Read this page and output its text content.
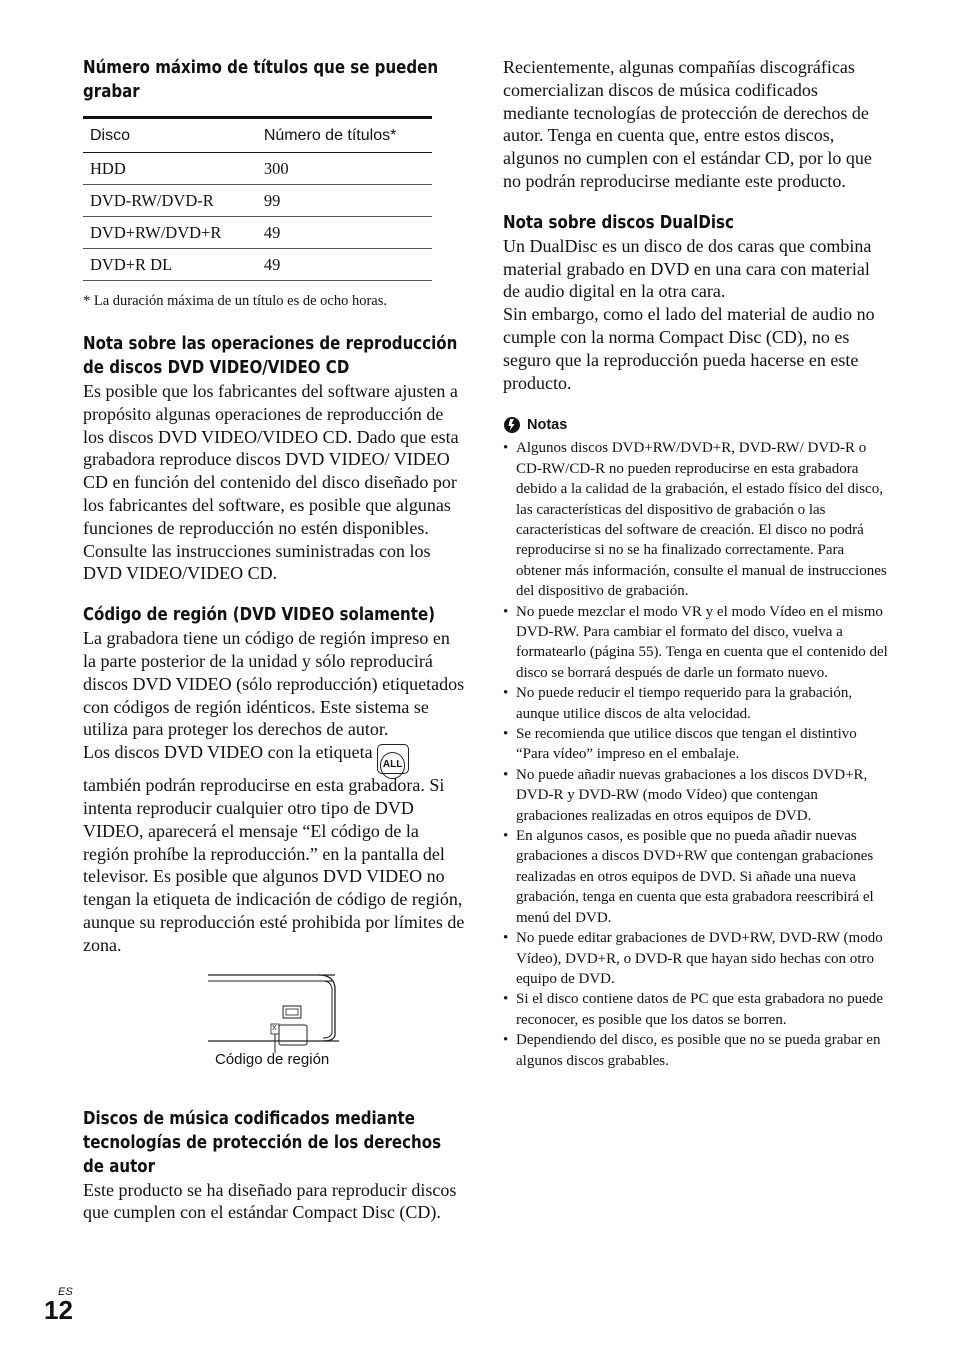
Número máximo de títulos que se pueden grabar
Disco	Número de títulos*
HDD	300
DVD-RW/DVD-R	99
DVD+RW/DVD+R	49
DVD+R DL	49
* La duración máxima de un título es de ocho horas.
Nota sobre las operaciones de reproducción de discos DVD VIDEO/VIDEO CD

Es posible que los fabricantes del software ajusten a propósito algunas operaciones de reproducción de los discos DVD VIDEO/VIDEO CD. Dado que esta grabadora reproduce discos DVD VIDEO/ VIDEO CD en función del contenido del disco diseñado por los fabricantes del software, es posible que algunas funciones de reproducción no estén disponibles. Consulte las instrucciones suministradas con los DVD VIDEO/VIDEO CD.

Código de región (DVD VIDEO solamente)

La grabadora tiene un código de región impreso en la parte posterior de la unidad y sólo reproducirá discos DVD VIDEO (sólo reproducción) etiquetados con códigos de región idénticos. Este sistema se utiliza para proteger los derechos de autor.

Los discos DVD VIDEO con la etiquetaALL también podrán reproducirse en esta grabadora. Si intenta reproducir cualquier otro tipo de DVD VIDEO, aparecerá el mensaje “El código de la región prohíbe la reproducción.” en la pantalla del televisor. Es posible que algunos DVD VIDEO no tengan la etiqueta de indicación de código de región, aunque su reproducción esté prohibida por límites de zona.

X
Código de región
Discos de música codificados mediante tecnologías de protección de los derechos de autor

Este producto se ha diseñado para reproducir discos que cumplen con el estándar Compact Disc (CD).

Recientemente, algunas compañías discográficas comercializan discos de música codificados mediante tecnologías de protección de derechos de autor. Tenga en cuenta que, entre estos discos, algunos no cumplen con el estándar CD, por lo que no podrán reproducirse mediante este producto.

Nota sobre discos DualDisc

Un DualDisc es un disco de dos caras que combina material grabado en DVD en una cara con material de audio digital en la otra cara.

Sin embargo, como el lado del material de audio no cumple con la norma Compact Disc (CD), no es seguro que la reproducción pueda hacerse en este producto.

Notas
• Algunos discos DVD+RW/DVD+R, DVD-RW/ DVD-R o CD-RW/CD-R no pueden reproducirse en esta grabadora debido a la calidad de la grabación, el estado físico del disco, las características del dispositivo de grabación o las características del software de creación. El disco no podrá reproducirse si no se ha finalizado correctamente. Para obtener más información, consulte el manual de instrucciones del dispositivo de grabación.
• No puede mezclar el modo VR y el modo Vídeo en el mismo DVD-RW. Para cambiar el formato del disco, vuelva a formatearlo (página 55). Tenga en cuenta que el contenido del disco se borrará después de darle un formato nuevo.
• No puede reducir el tiempo requerido para la grabación, aunque utilice discos de alta velocidad.
• Se recomienda que utilice discos que tengan el distintivo “Para vídeo” impreso en el embalaje.
• No puede añadir nuevas grabaciones a los discos DVD+R, DVD-R y DVD-RW (modo Vídeo) que contengan grabaciones realizadas en otros equipos de DVD.
• En algunos casos, es posible que no pueda añadir nuevas grabaciones a discos DVD+RW que contengan grabaciones realizadas en otros equipos de DVD. Si añade una nueva grabación, tenga en cuenta que esta grabadora reescribirá el menú del DVD.
• No puede editar grabaciones de DVD+RW, DVD-RW (modo Vídeo), DVD+R, o DVD-R que hayan sido hechas con otro equipo de DVD.
• Si el disco contiene datos de PC que esta grabadora no puede reconocer, es posible que los datos se borren.
• Dependiendo del disco, es posible que no se pueda grabar en algunos discos grabables.
ES
12
